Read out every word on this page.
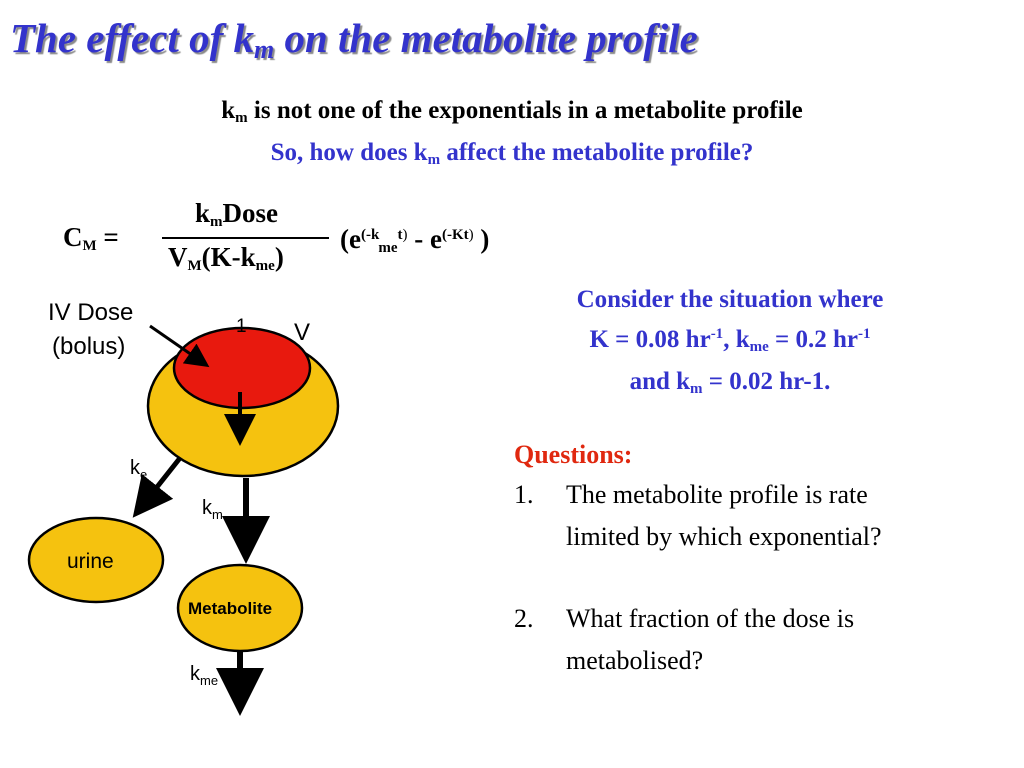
The effect of $k_m$ on the metabolite profile
$k_m$ is not one of the exponentials in a metabolite profile
So, how does $k_m$ affect the metabolite profile?
$C_M$ =
$k_mDose$
$V_M(K-k_{me})$
($e^{(-k}_{me}^{t)} - e^{(-Kt)}$ )
Consider the situation where
K = 0.08 $hr^{-1}$, $k_{me} = 0.2$ $hr^{-1}$
and $k_m = 0.02$ hr-1.
Questions:
1. The metabolite profile is rate
limited by which exponential?
2. What fraction of the dose is
metabolised?
IV Dose
(bolus)
1 V
$k_e$
$k_m$
urine
Metabolite
$k_{me}$
